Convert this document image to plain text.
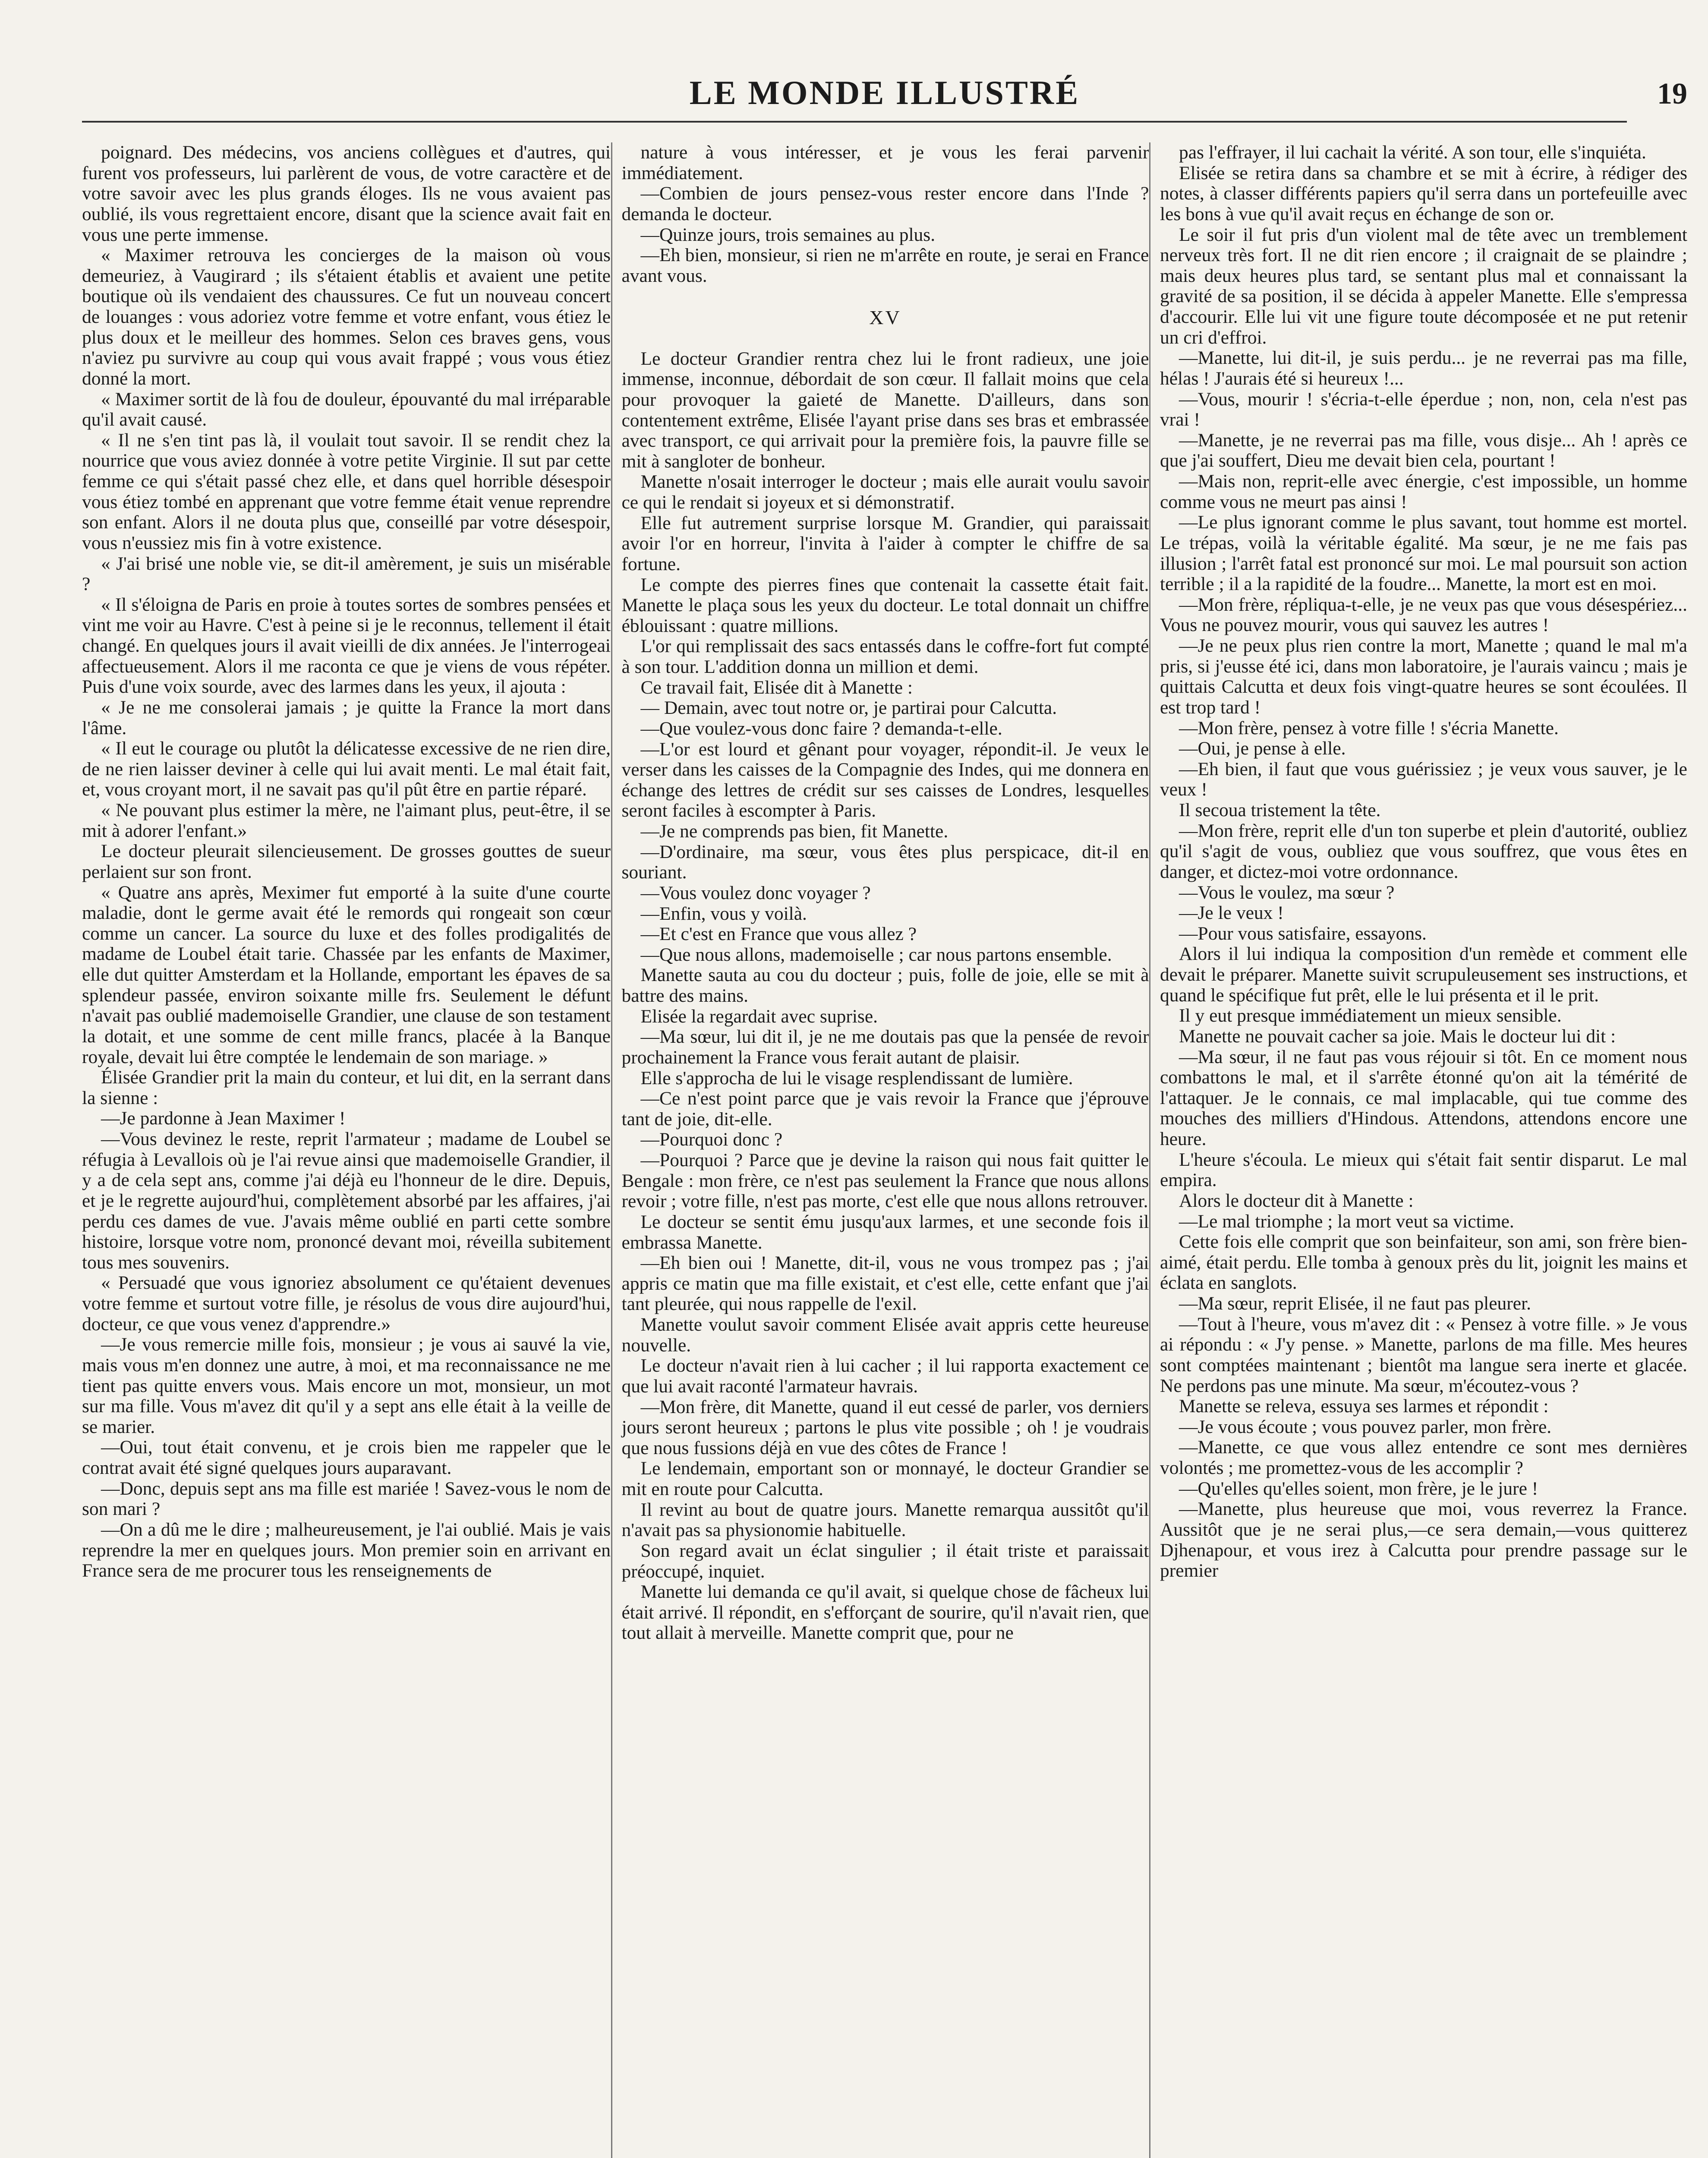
LE MONDE ILLUSTRÉ	19

poignard. Des médecins, vos anciens collègues et d'autres, qui furent vos professeurs, lui parlèrent de vous, de votre caractère et de votre savoir avec les plus grands éloges. Ils ne vous avaient pas oublié, ils vous regrettaient encore, disant que la science avait fait en vous une perte immense.

« Maximer retrouva les concierges de la maison où vous demeuriez, à Vaugirard ; ils s'étaient établis et avaient une petite boutique où ils vendaient des chaussures. Ce fut un nouveau concert de louanges : vous adoriez votre femme et votre enfant, vous étiez le plus doux et le meilleur des hommes. Selon ces braves gens, vous n'aviez pu survivre au coup qui vous avait frappé ; vous vous étiez donné la mort.

« Maximer sortit de là fou de douleur, épouvanté du mal irréparable qu'il avait causé.

« Il ne s'en tint pas là, il voulait tout savoir. Il se rendit chez la nourrice que vous aviez donnée à votre petite Virginie. Il sut par cette femme ce qui s'était passé chez elle, et dans quel horrible désespoir vous étiez tombé en apprenant que votre femme était venue reprendre son enfant. Alors il ne douta plus que, conseillé par votre désespoir, vous n'eussiez mis fin à votre existence.

« J'ai brisé une noble vie, se dit-il amèrement, je suis un misérable ?

« Il s'éloigna de Paris en proie à toutes sortes de sombres pensées et vint me voir au Havre. C'est à peine si je le reconnus, tellement il était changé. En quelques jours il avait vieilli de dix années. Je l'interrogeai affectueusement. Alors il me raconta ce que je viens de vous répéter. Puis d'une voix sourde, avec des larmes dans les yeux, il ajouta :

« Je ne me consolerai jamais ; je quitte la France la mort dans l'âme.

« Il eut le courage ou plutôt la délicatesse excessive de ne rien dire, de ne rien laisser deviner à celle qui lui avait menti. Le mal était fait, et, vous croyant mort, il ne savait pas qu'il pût être en partie réparé.

« Ne pouvant plus estimer la mère, ne l'aimant plus, peut-être, il se mit à adorer l'enfant.»

Le docteur pleurait silencieusement. De grosses gouttes de sueur perlaient sur son front.

« Quatre ans après, Meximer fut emporté à la suite d'une courte maladie, dont le germe avait été le remords qui rongeait son cœur comme un cancer. La source du luxe et des folles prodigalités de madame de Loubel était tarie. Chassée par les enfants de Maximer, elle dut quitter Amsterdam et la Hollande, emportant les épaves de sa splendeur passée, environ soixante mille frs. Seulement le défunt n'avait pas oublié mademoiselle Grandier, une clause de son testament la dotait, et une somme de cent mille francs, placée à la Banque royale, devait lui être comptée le lendemain de son mariage. »

Élisée Grandier prit la main du conteur, et lui dit, en la serrant dans la sienne :

—Je pardonne à Jean Maximer !

—Vous devinez le reste, reprit l'armateur ; madame de Loubel se réfugia à Levallois où je l'ai revue ainsi que mademoiselle Grandier, il y a de cela sept ans, comme j'ai déjà eu l'honneur de le dire. Depuis, et je le regrette aujourd'hui, complètement absorbé par les affaires, j'ai perdu ces dames de vue. J'avais même oublié en parti cette sombre histoire, lorsque votre nom, prononcé devant moi, réveilla subitement tous mes souvenirs.

« Persuadé que vous ignoriez absolument ce qu'étaient devenues votre femme et surtout votre fille, je résolus de vous dire aujourd'hui, docteur, ce que vous venez d'apprendre.»

—Je vous remercie mille fois, monsieur ; je vous ai sauvé la vie, mais vous m'en donnez une autre, à moi, et ma reconnaissance ne me tient pas quitte envers vous. Mais encore un mot, monsieur, un mot sur ma fille. Vous m'avez dit qu'il y a sept ans elle était à la veille de se marier.

—Oui, tout était convenu, et je crois bien me rappeler que le contrat avait été signé quelques jours auparavant.

—Donc, depuis sept ans ma fille est mariée ! Savez-vous le nom de son mari ?

—On a dû me le dire ; malheureusement, je l'ai oublié. Mais je vais reprendre la mer en quelques jours. Mon premier soin en arrivant en France sera de me procurer tous les renseignements de

nature à vous intéresser, et je vous les ferai parvenir immédiatement.

—Combien de jours pensez-vous rester encore dans l'Inde ? demanda le docteur.

—Quinze jours, trois semaines au plus.

—Eh bien, monsieur, si rien ne m'arrête en route, je serai en France avant vous.

XV

Le docteur Grandier rentra chez lui le front radieux, une joie immense, inconnue, débordait de son cœur. Il fallait moins que cela pour provoquer la gaieté de Manette. D'ailleurs, dans son contentement extrême, Elisée l'ayant prise dans ses bras et embrassée avec transport, ce qui arrivait pour la première fois, la pauvre fille se mit à sangloter de bonheur.

Manette n'osait interroger le docteur ; mais elle aurait voulu savoir ce qui le rendait si joyeux et si démonstratif.

Elle fut autrement surprise lorsque M. Grandier, qui paraissait avoir l'or en horreur, l'invita à l'aider à compter le chiffre de sa fortune.

Le compte des pierres fines que contenait la cassette était fait. Manette le plaça sous les yeux du docteur. Le total donnait un chiffre éblouissant : quatre millions.

L'or qui remplissait des sacs entassés dans le coffre-fort fut compté à son tour. L'addition donna un million et demi.

Ce travail fait, Elisée dit à Manette :

— Demain, avec tout notre or, je partirai pour Calcutta.

—Que voulez-vous donc faire ? demanda-t-elle.

—L'or est lourd et gênant pour voyager, répondit-il. Je veux le verser dans les caisses de la Compagnie des Indes, qui me donnera en échange des lettres de crédit sur ses caisses de Londres, lesquelles seront faciles à escompter à Paris.

—Je ne comprends pas bien, fit Manette.

—D'ordinaire, ma sœur, vous êtes plus perspicace, dit-il en souriant.

—Vous voulez donc voyager ?

—Enfin, vous y voilà.

—Et c'est en France que vous allez ?

—Que nous allons, mademoiselle ; car nous partons ensemble.

Manette sauta au cou du docteur ; puis, folle de joie, elle se mit à battre des mains.

Elisée la regardait avec suprise.

—Ma sœur, lui dit il, je ne me doutais pas que la pensée de revoir prochainement la France vous ferait autant de plaisir.

Elle s'approcha de lui le visage resplendissant de lumière.

—Ce n'est point parce que je vais revoir la France que j'éprouve tant de joie, dit-elle.

—Pourquoi donc ?

—Pourquoi ? Parce que je devine la raison qui nous fait quitter le Bengale : mon frère, ce n'est pas seulement la France que nous allons revoir ; votre fille, n'est pas morte, c'est elle que nous allons retrouver.

Le docteur se sentit ému jusqu'aux larmes, et une seconde fois il embrassa Manette.

—Eh bien oui ! Manette, dit-il, vous ne vous trompez pas ; j'ai appris ce matin que ma fille existait, et c'est elle, cette enfant que j'ai tant pleurée, qui nous rappelle de l'exil.

Manette voulut savoir comment Elisée avait appris cette heureuse nouvelle.

Le docteur n'avait rien à lui cacher ; il lui rapporta exactement ce que lui avait raconté l'armateur havrais.

—Mon frère, dit Manette, quand il eut cessé de parler, vos derniers jours seront heureux ; partons le plus vite possible ; oh ! je voudrais que nous fussions déjà en vue des côtes de France !

Le lendemain, emportant son or monnayé, le docteur Grandier se mit en route pour Calcutta.

Il revint au bout de quatre jours. Manette remarqua aussitôt qu'il n'avait pas sa physionomie habituelle.

Son regard avait un éclat singulier ; il était triste et paraissait préoccupé, inquiet.

Manette lui demanda ce qu'il avait, si quelque chose de fâcheux lui était arrivé. Il répondit, en s'efforçant de sourire, qu'il n'avait rien, que tout allait à merveille. Manette comprit que, pour ne

pas l'effrayer, il lui cachait la vérité. A son tour, elle s'inquiéta.

Elisée se retira dans sa chambre et se mit à écrire, à rédiger des notes, à classer différents papiers qu'il serra dans un portefeuille avec les bons à vue qu'il avait reçus en échange de son or.

Le soir il fut pris d'un violent mal de tête avec un tremblement nerveux très fort. Il ne dit rien encore ; il craignait de se plaindre ; mais deux heures plus tard, se sentant plus mal et connaissant la gravité de sa position, il se décida à appeler Manette. Elle s'empressa d'accourir. Elle lui vit une figure toute décomposée et ne put retenir un cri d'effroi.

—Manette, lui dit-il, je suis perdu... je ne reverrai pas ma fille, hélas ! J'aurais été si heureux !...

—Vous, mourir ! s'écria-t-elle éperdue ; non, non, cela n'est pas vrai !

—Manette, je ne reverrai pas ma fille, vous disje... Ah ! après ce que j'ai souffert, Dieu me devait bien cela, pourtant !

—Mais non, reprit-elle avec énergie, c'est impossible, un homme comme vous ne meurt pas ainsi !

—Le plus ignorant comme le plus savant, tout homme est mortel. Le trépas, voilà la véritable égalité. Ma sœur, je ne me fais pas illusion ; l'arrêt fatal est prononcé sur moi. Le mal poursuit son action terrible ; il a la rapidité de la foudre... Manette, la mort est en moi.

—Mon frère, répliqua-t-elle, je ne veux pas que vous désespériez... Vous ne pouvez mourir, vous qui sauvez les autres !

—Je ne peux plus rien contre la mort, Manette ; quand le mal m'a pris, si j'eusse été ici, dans mon laboratoire, je l'aurais vaincu ; mais je quittais Calcutta et deux fois vingt-quatre heures se sont écoulées. Il est trop tard !

—Mon frère, pensez à votre fille ! s'écria Manette.

—Oui, je pense à elle.

—Eh bien, il faut que vous guérissiez ; je veux vous sauver, je le veux !

Il secoua tristement la tête.

—Mon frère, reprit elle d'un ton superbe et plein d'autorité, oubliez qu'il s'agit de vous, oubliez que vous souffrez, que vous êtes en danger, et dictez-moi votre ordonnance.

—Vous le voulez, ma sœur ?

—Je le veux !

—Pour vous satisfaire, essayons.

Alors il lui indiqua la composition d'un remède et comment elle devait le préparer. Manette suivit scrupuleusement ses instructions, et quand le spécifique fut prêt, elle le lui présenta et il le prit.

Il y eut presque immédiatement un mieux sensible.

Manette ne pouvait cacher sa joie. Mais le docteur lui dit :

—Ma sœur, il ne faut pas vous réjouir si tôt. En ce moment nous combattons le mal, et il s'arrête étonné qu'on ait la témérité de l'attaquer. Je le connais, ce mal implacable, qui tue comme des mouches des milliers d'Hindous. Attendons, attendons encore une heure.

L'heure s'écoula. Le mieux qui s'était fait sentir disparut. Le mal empira.

Alors le docteur dit à Manette :

—Le mal triomphe ; la mort veut sa victime.

Cette fois elle comprit que son beinfaiteur, son ami, son frère bien-aimé, était perdu. Elle tomba à genoux près du lit, joignit les mains et éclata en sanglots.

—Ma sœur, reprit Elisée, il ne faut pas pleurer.

—Tout à l'heure, vous m'avez dit : « Pensez à votre fille. » Je vous ai répondu : « J'y pense. » Manette, parlons de ma fille. Mes heures sont comptées maintenant ; bientôt ma langue sera inerte et glacée. Ne perdons pas une minute. Ma sœur, m'écoutez-vous ?

Manette se releva, essuya ses larmes et répondit :

—Je vous écoute ; vous pouvez parler, mon frère.

—Manette, ce que vous allez entendre ce sont mes dernières volontés ; me promettez-vous de les accomplir ?

—Qu'elles qu'elles soient, mon frère, je le jure !

—Manette, plus heureuse que moi, vous reverrez la France. Aussitôt que je ne serai plus,—ce sera demain,—vous quitterez Djhenapour, et vous irez à Calcutta pour prendre passage sur le premier
